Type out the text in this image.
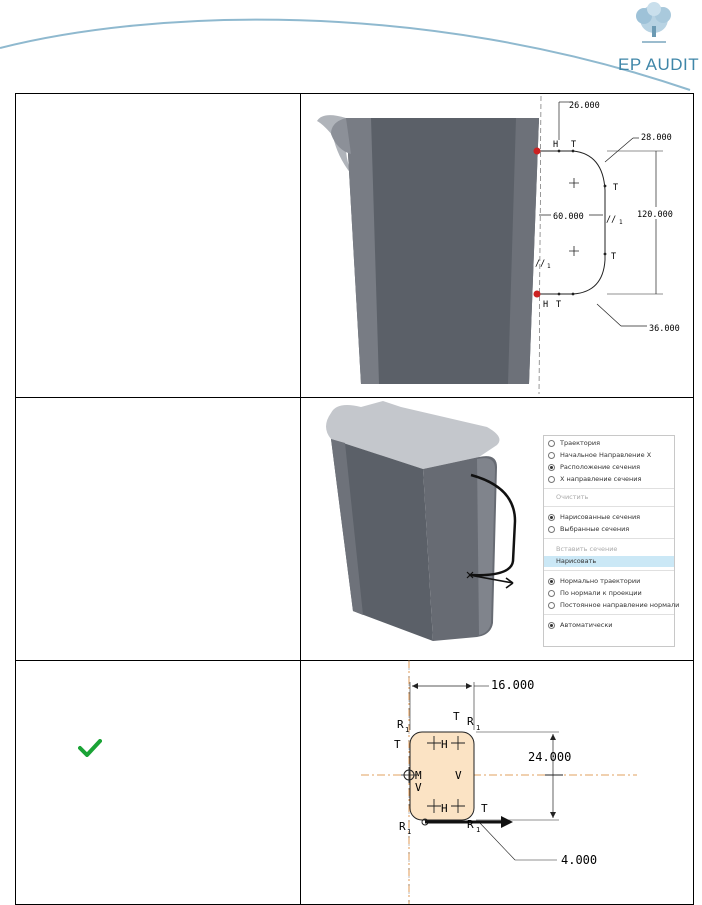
EP AUDIT
26.000
28.000
120.000
60.000
36.000
H T
T
// 1
T
// 1
H T
Траектория
Начальное Направление X
Расположение сечения
X направление сечения
Очистить
Нарисованные сечения
Выбранные сечения
Вставить сечение
Нарисовать
Нормально траектории
По нормали к проекции
Постоянное направление нормали
Автоматически
16.000
24.000
4.000
R 1
T R 1
T	H
M	V
V
H	T
R 1
R 1
